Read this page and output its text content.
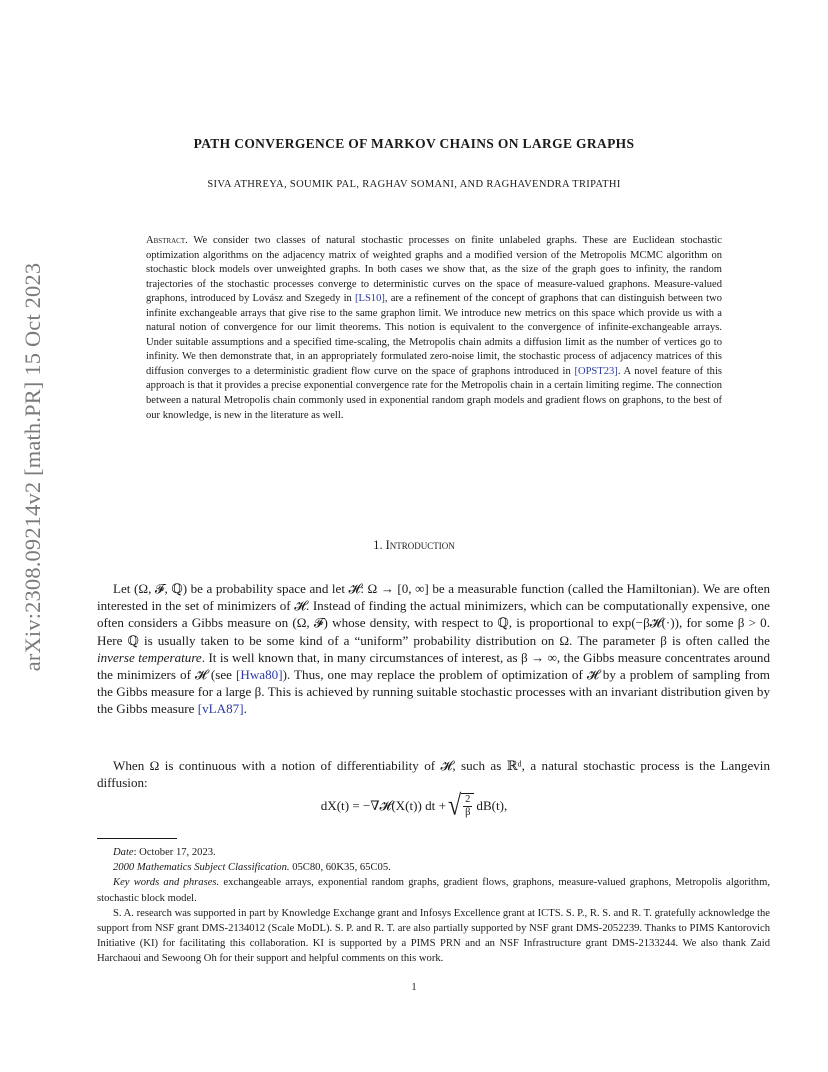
arXiv:2308.09214v2 [math.PR] 15 Oct 2023
PATH CONVERGENCE OF MARKOV CHAINS ON LARGE GRAPHS
SIVA ATHREYA, SOUMIK PAL, RAGHAV SOMANI, AND RAGHAVENDRA TRIPATHI
Abstract. We consider two classes of natural stochastic processes on finite unlabeled graphs. These are Euclidean stochastic optimization algorithms on the adjacency matrix of weighted graphs and a modified version of the Metropolis MCMC algorithm on stochastic block models over unweighted graphs. In both cases we show that, as the size of the graph goes to infinity, the random trajectories of the stochastic processes converge to deterministic curves on the space of measure-valued graphons. Measure-valued graphons, introduced by Lovász and Szegedy in [LS10], are a refinement of the concept of graphons that can distinguish between two infinite exchangeable arrays that give rise to the same graphon limit. We introduce new metrics on this space which provide us with a natural notion of convergence for our limit theorems. This notion is equivalent to the convergence of infinite-exchangeable arrays. Under suitable assumptions and a specified time-scaling, the Metropolis chain admits a diffusion limit as the number of vertices go to infinity. We then demonstrate that, in an appropriately formulated zero-noise limit, the stochastic process of adjacency matrices of this diffusion converges to a deterministic gradient flow curve on the space of graphons introduced in [OPST23]. A novel feature of this approach is that it provides a precise exponential convergence rate for the Metropolis chain in a certain limiting regime. The connection between a natural Metropolis chain commonly used in exponential random graph models and gradient flows on graphons, to the best of our knowledge, is new in the literature as well.
1. Introduction

Let (Ω, 𝓕, ℚ) be a probability space and let 𝓗: Ω → [0, ∞] be a measurable function (called the Hamiltonian). We are often interested in the set of minimizers of 𝓗. Instead of finding the actual minimizers, which can be computationally expensive, one often considers a Gibbs measure on (Ω, 𝓕) whose density, with respect to ℚ, is proportional to exp(−β𝓗(·)), for some β > 0. Here ℚ is usually taken to be some kind of a “uniform” probability distribution on Ω. The parameter β is often called the inverse temperature. It is well known that, in many circumstances of interest, as β → ∞, the Gibbs measure concentrates around the minimizers of 𝓗 (see [Hwa80]). Thus, one may replace the problem of optimization of 𝓗 by a problem of sampling from the Gibbs measure for a large β. This is achieved by running suitable stochastic processes with an invariant distribution given by the Gibbs measure [vLA87].

When Ω is continuous with a notion of differentiability of 𝓗, such as ℝᵈ, a natural stochastic process is the Langevin diffusion:

dX(t) = −∇𝓗(X(t)) dt + √ $\frac{2}{\beta} dB(t)$,

Date: October 17, 2023.

2000 Mathematics Subject Classification. 05C80, 60K35, 65C05.

Key words and phrases. exchangeable arrays, exponential random graphs, gradient flows, graphons, measure-valued graphons, Metropolis algorithm, stochastic block model.

S. A. research was supported in part by Knowledge Exchange grant and Infosys Excellence grant at ICTS. S. P., R. S. and R. T. gratefully acknowledge the support from NSF grant DMS-2134012 (Scale MoDL). S. P. and R. T. are also partially supported by NSF grant DMS-2052239. Thanks to PIMS Kantorovich Initiative (KI) for facilitating this collaboration. KI is supported by a PIMS PRN and an NSF Infrastructure grant DMS-2133244. We also thank Zaid Harchaoui and Sewoong Oh for their support and helpful comments on this work.

1
